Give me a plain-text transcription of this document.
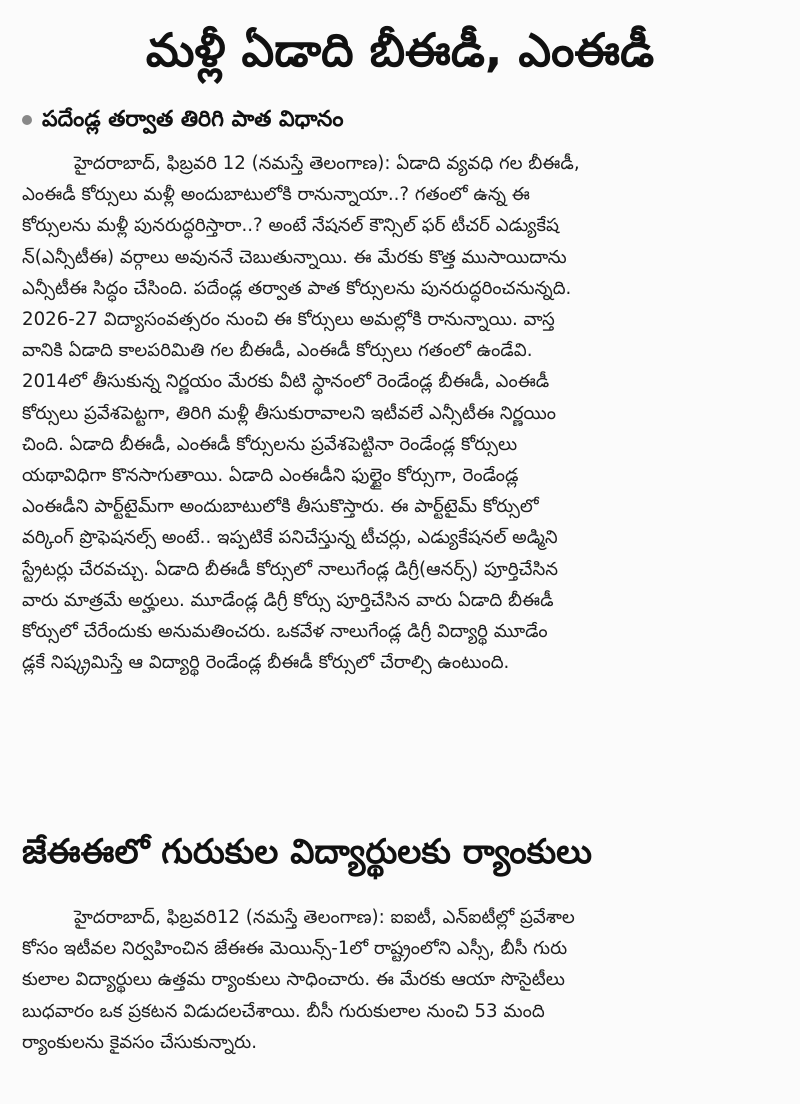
మళ్లీ ఏడాది బీఈడీ, ఎంఈడీ
పదేండ్ల తర్వాత తిరిగి పాత విధానం
హైదరాబాద్, ఫిబ్రవరి 12 (నమస్తే తెలంగాణ): ఏడాది వ్యవధి గల బీఈడీ,
ఎంఈడీ కోర్సులు మళ్లీ అందుబాటులోకి రానున్నాయా..? గతంలో ఉన్న ఈ
కోర్సులను మళ్లీ పునరుద్ధరిస్తారా..? అంటే నేషనల్ కౌన్సిల్ ఫర్ టీచర్ ఎడ్యుకేష
న్(ఎన్సీటీఈ) వర్గాలు అవుననే చెబుతున్నాయి. ఈ మేరకు కొత్త ముసాయిదాను
ఎన్సీటీఈ సిద్ధం చేసింది. పదేండ్ల తర్వాత పాత కోర్సులను పునరుద్ధరించనున్నది.
2026-27 విద్యాసంవత్సరం నుంచి ఈ కోర్సులు అమల్లోకి రానున్నాయి. వాస్త
వానికి ఏడాది కాలపరిమితి గల బీఈడీ, ఎంఈడీ కోర్సులు గతంలో ఉండేవి.
2014లో తీసుకున్న నిర్ణయం మేరకు వీటి స్థానంలో రెండేండ్ల బీఈడీ, ఎంఈడీ
కోర్సులు ప్రవేశపెట్టగా, తిరిగి మళ్లీ తీసుకురావాలని ఇటీవలే ఎన్సీటీఈ నిర్ణయిం
చింది. ఏడాది బీఈడీ, ఎంఈడీ కోర్సులను ప్రవేశపెట్టినా రెండేండ్ల కోర్సులు
యథావిధిగా కొనసాగుతాయి. ఏడాది ఎంఈడీని ఫుల్టైం కోర్సుగా, రెండేండ్ల
ఎంఈడీని పార్ట్‌టైమ్‌గా అందుబాటులోకి తీసుకొస్తారు. ఈ పార్ట్‌టైమ్ కోర్సులో
వర్కింగ్ ప్రొఫెషనల్స్ అంటే.. ఇప్పటికే పనిచేస్తున్న టీచర్లు, ఎడ్యుకేషనల్ అడ్మిని
స్ట్రేటర్లు చేరవచ్చు. ఏడాది బీఈడీ కోర్సులో నాలుగేండ్ల డిగ్రీ(ఆనర్స్) పూర్తిచేసిన
వారు మాత్రమే అర్హులు. మూడేండ్ల డిగ్రీ కోర్సు పూర్తిచేసిన వారు ఏడాది బీఈడీ
కోర్సులో చేరేందుకు అనుమతించరు. ఒకవేళ నాలుగేండ్ల డిగ్రీ విద్యార్థి మూడేం
డ్లకే నిష్క్రమిస్తే ఆ విద్యార్థి రెండేండ్ల బీఈడీ కోర్సులో చేరాల్సి ఉంటుంది.
జేఈఈలో గురుకుల విద్యార్థులకు ర్యాంకులు
హైదరాబాద్, ఫిబ్రవరి12 (నమస్తే తెలంగాణ): ఐఐటీ, ఎన్ఐటీల్లో ప్రవేశాల
కోసం ఇటీవల నిర్వహించిన జేఈఈ మెయిన్స్-1లో రాష్ట్రంలోని ఎస్సీ, బీసీ గురు
కులాల విద్యార్థులు ఉత్తమ ర్యాంకులు సాధించారు. ఈ మేరకు ఆయా సొసైటీలు
బుధవారం ఒక ప్రకటన విడుదలచేశాయి. బీసీ గురుకులాల నుంచి 53 మంది
ర్యాంకులను కైవసం చేసుకున్నారు.
